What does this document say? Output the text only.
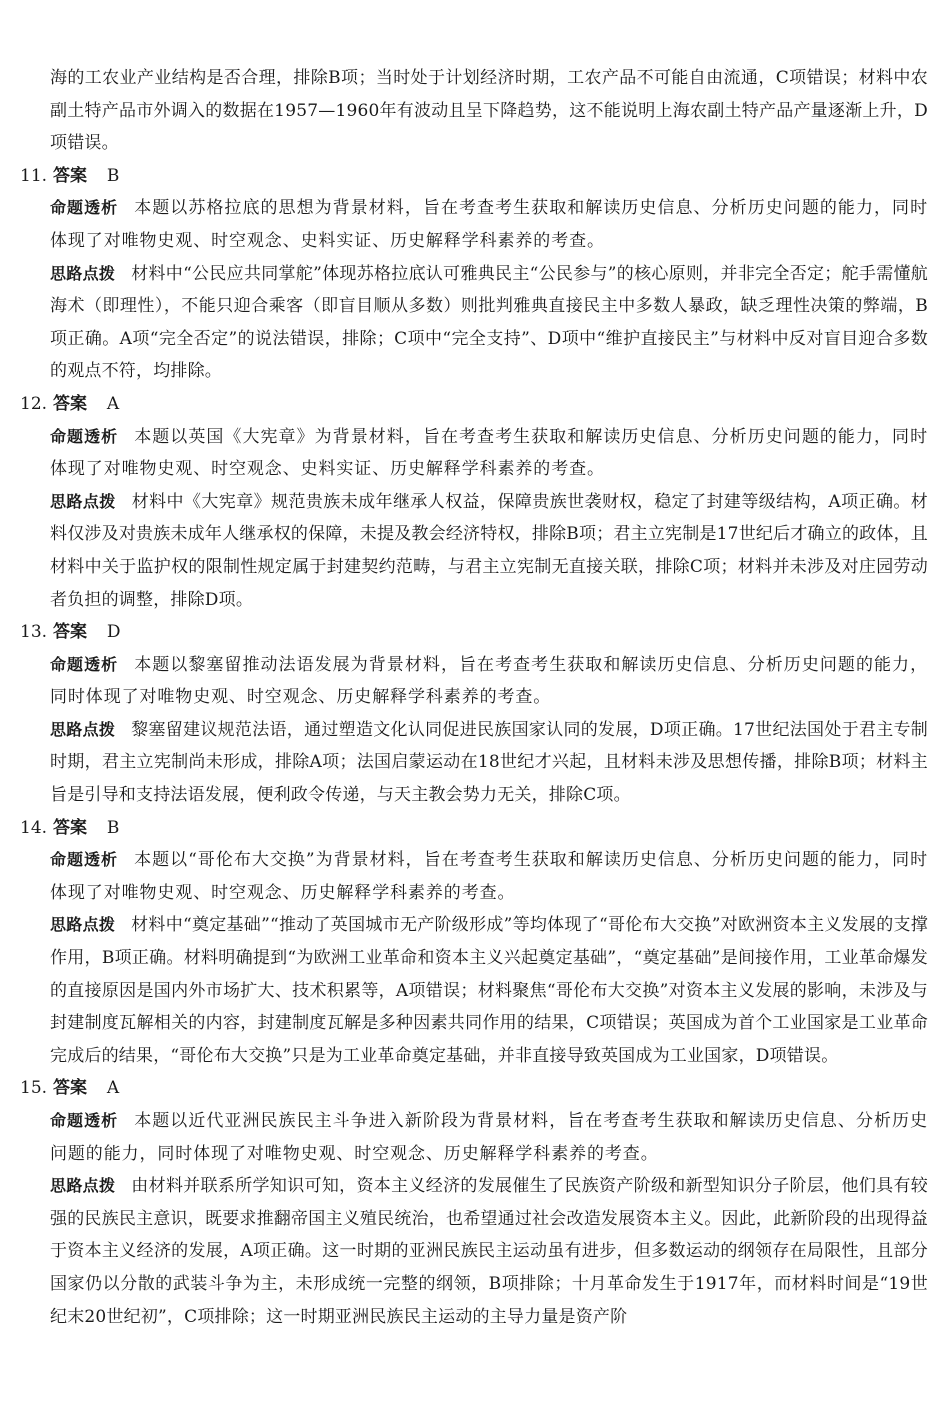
海的工农业产业结构是否合理，排除B项；当时处于计划经济时期，工农产品不可能自由流通，C项错误；材料中农副土特产品市外调入的数据在1957—1960年有波动且呈下降趋势，这不能说明上海农副土特产品产量逐渐上升，D项错误。

11. 答案 B

命题透析 本题以苏格拉底的思想为背景材料，旨在考查考生获取和解读历史信息、分析历史问题的能力，同时体现了对唯物史观、时空观念、史料实证、历史解释学科素养的考查。

思路点拨 材料中“公民应共同掌舵”体现苏格拉底认可雅典民主“公民参与”的核心原则，并非完全否定；舵手需懂航海术（即理性），不能只迎合乘客（即盲目顺从多数）则批判雅典直接民主中多数人暴政，缺乏理性决策的弊端，B项正确。A项“完全否定”的说法错误，排除；C项中“完全支持”、D项中“维护直接民主”与材料中反对盲目迎合多数的观点不符，均排除。

12. 答案 A

命题透析 本题以英国《大宪章》为背景材料，旨在考查考生获取和解读历史信息、分析历史问题的能力，同时体现了对唯物史观、时空观念、史料实证、历史解释学科素养的考查。

思路点拨 材料中《大宪章》规范贵族未成年继承人权益，保障贵族世袭财权，稳定了封建等级结构，A项正确。材料仅涉及对贵族未成年人继承权的保障，未提及教会经济特权，排除B项；君主立宪制是17世纪后才确立的政体，且材料中关于监护权的限制性规定属于封建契约范畴，与君主立宪制无直接关联，排除C项；材料并未涉及对庄园劳动者负担的调整，排除D项。

13. 答案 D

命题透析 本题以黎塞留推动法语发展为背景材料，旨在考查考生获取和解读历史信息、分析历史问题的能力，同时体现了对唯物史观、时空观念、历史解释学科素养的考查。

思路点拨 黎塞留建议规范法语，通过塑造文化认同促进民族国家认同的发展，D项正确。17世纪法国处于君主专制时期，君主立宪制尚未形成，排除A项；法国启蒙运动在18世纪才兴起，且材料未涉及思想传播，排除B项；材料主旨是引导和支持法语发展，便利政令传递，与天主教会势力无关，排除C项。

14. 答案 B

命题透析 本题以“哥伦布大交换”为背景材料，旨在考查考生获取和解读历史信息、分析历史问题的能力，同时体现了对唯物史观、时空观念、历史解释学科素养的考查。

思路点拨 材料中“奠定基础”“推动了英国城市无产阶级形成”等均体现了“哥伦布大交换”对欧洲资本主义发展的支撑作用，B项正确。材料明确提到“为欧洲工业革命和资本主义兴起奠定基础”，“奠定基础”是间接作用，工业革命爆发的直接原因是国内外市场扩大、技术积累等，A项错误；材料聚焦“哥伦布大交换”对资本主义发展的影响，未涉及与封建制度瓦解相关的内容，封建制度瓦解是多种因素共同作用的结果，C项错误；英国成为首个工业国家是工业革命完成后的结果，“哥伦布大交换”只是为工业革命奠定基础，并非直接导致英国成为工业国家，D项错误。

15. 答案 A

命题透析 本题以近代亚洲民族民主斗争进入新阶段为背景材料，旨在考查考生获取和解读历史信息、分析历史问题的能力，同时体现了对唯物史观、时空观念、历史解释学科素养的考查。

思路点拨 由材料并联系所学知识可知，资本主义经济的发展催生了民族资产阶级和新型知识分子阶层，他们具有较强的民族民主意识，既要求推翻帝国主义殖民统治，也希望通过社会改造发展资本主义。因此，此新阶段的出现得益于资本主义经济的发展，A项正确。这一时期的亚洲民族民主运动虽有进步，但多数运动的纲领存在局限性，且部分国家仍以分散的武装斗争为主，未形成统一完整的纲领，B项排除；十月革命发生于1917年，而材料时间是“19世纪末20世纪初”，C项排除；这一时期亚洲民族民主运动的主导力量是资产阶
